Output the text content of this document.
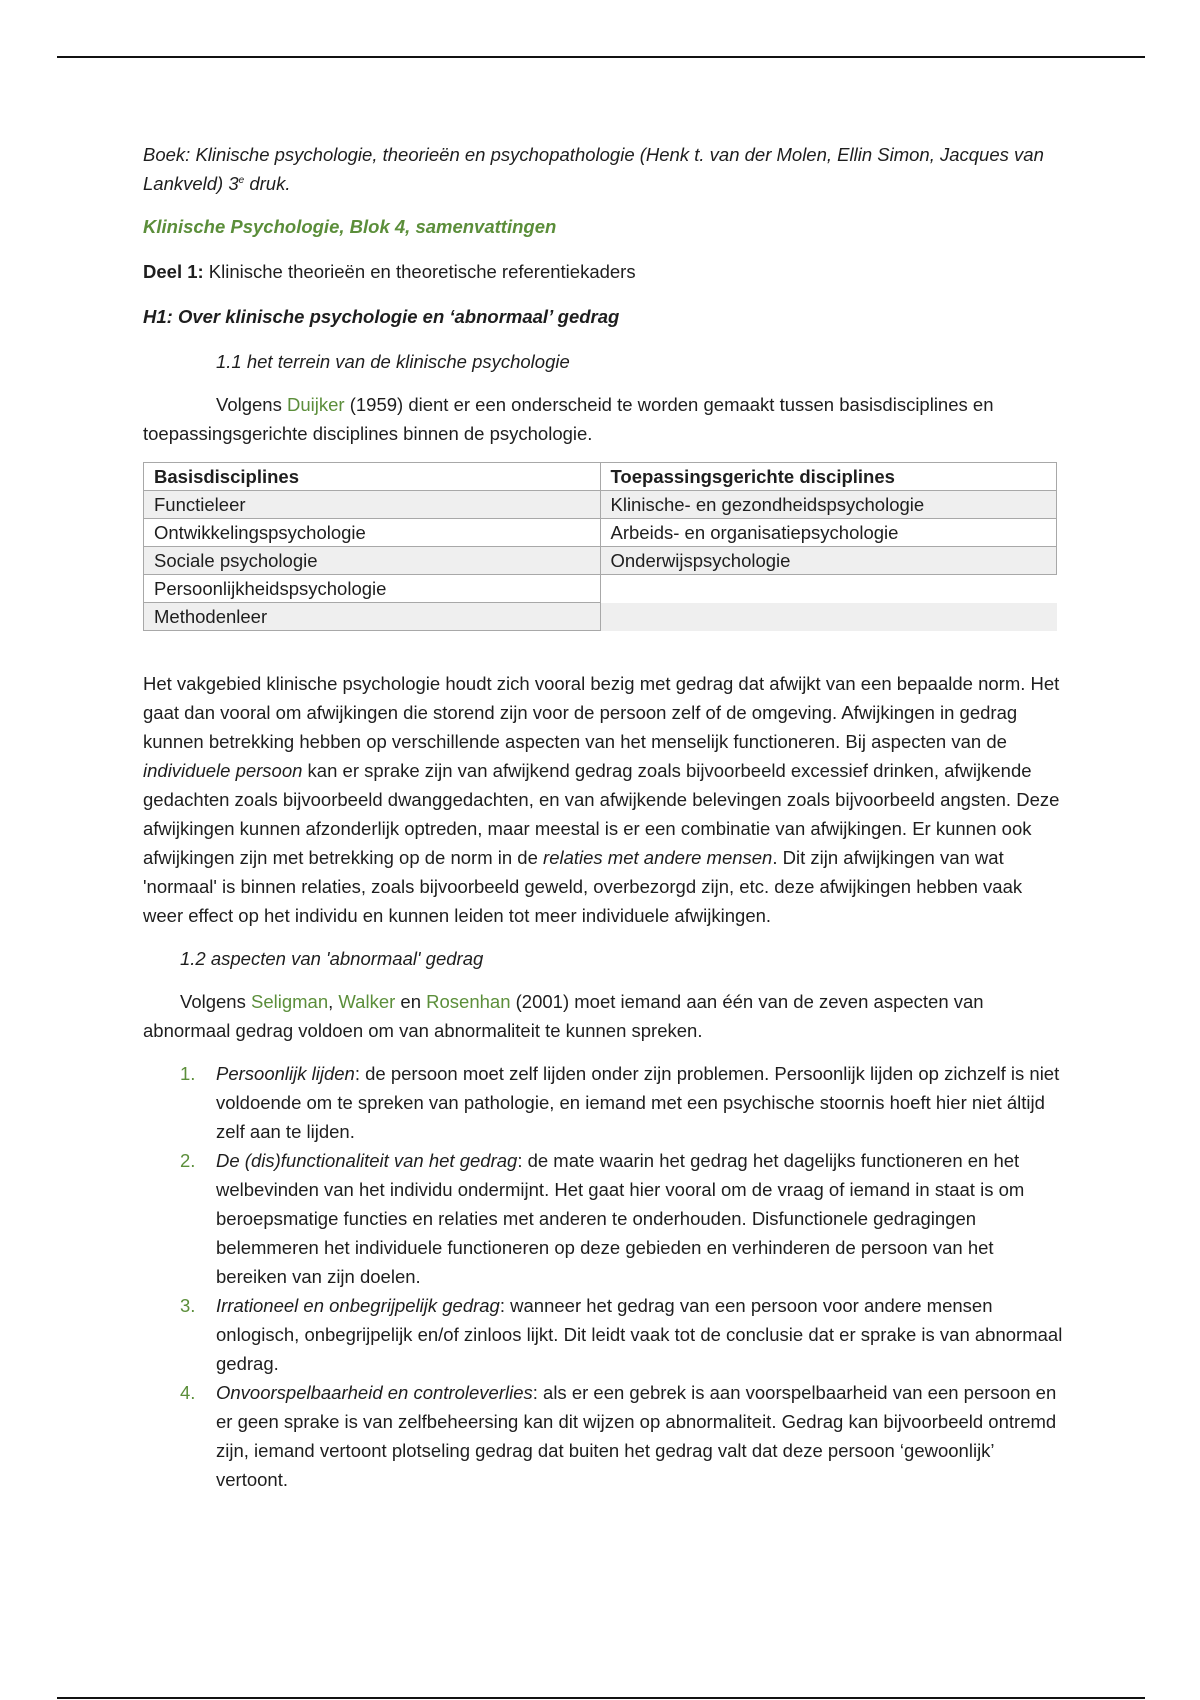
Boek: Klinische psychologie, theorieën en psychopathologie (Henk t. van der Molen, Ellin Simon, Jacques van Lankveld) 3e druk.

Klinische Psychologie, Blok 4, samenvattingen

Deel 1: Klinische theorieën en theoretische referentiekaders

H1: Over klinische psychologie en ‘abnormaal’ gedrag

1.1 het terrein van de klinische psychologie

Volgens Duijker (1959) dient er een onderscheid te worden gemaakt tussen basisdisciplines en toepassingsgerichte disciplines binnen de psychologie.

Basisdisciplines	Toepassingsgerichte disciplines
Functieleer	Klinische- en gezondheidspsychologie
Ontwikkelingspsychologie	Arbeids- en organisatiepsychologie
Sociale psychologie	Onderwijspsychologie
Persoonlijkheidspsychologie	
Methodenleer	

Het vakgebied klinische psychologie houdt zich vooral bezig met gedrag dat afwijkt van een bepaalde norm. Het gaat dan vooral om afwijkingen die storend zijn voor de persoon zelf of de omgeving. Afwijkingen in gedrag kunnen betrekking hebben op verschillende aspecten van het menselijk functioneren. Bij aspecten van de individuele persoon kan er sprake zijn van afwijkend gedrag zoals bijvoorbeeld excessief drinken, afwijkende gedachten zoals bijvoorbeeld dwanggedachten, en van afwijkende belevingen zoals bijvoorbeeld angsten. Deze afwijkingen kunnen afzonderlijk optreden, maar meestal is er een combinatie van afwijkingen. Er kunnen ook afwijkingen zijn met betrekking op de norm in de relaties met andere mensen. Dit zijn afwijkingen van wat 'normaal' is binnen relaties, zoals bijvoorbeeld geweld, overbezorgd zijn, etc. deze afwijkingen hebben vaak weer effect op het individu en kunnen leiden tot meer individuele afwijkingen.

1.2 aspecten van 'abnormaal' gedrag

Volgens Seligman, Walker en Rosenhan (2001) moet iemand aan één van de zeven aspecten van abnormaal gedrag voldoen om van abnormaliteit te kunnen spreken.

1. Persoonlijk lijden: de persoon moet zelf lijden onder zijn problemen. Persoonlijk lijden op zichzelf is niet voldoende om te spreken van pathologie, en iemand met een psychische stoornis hoeft hier niet áltijd zelf aan te lijden.
2. De (dis)functionaliteit van het gedrag: de mate waarin het gedrag het dagelijks functioneren en het welbevinden van het individu ondermijnt. Het gaat hier vooral om de vraag of iemand in staat is om beroepsmatige functies en relaties met anderen te onderhouden. Disfunctionele gedragingen belemmeren het individuele functioneren op deze gebieden en verhinderen de persoon van het bereiken van zijn doelen.
3. Irrationeel en onbegrijpelijk gedrag: wanneer het gedrag van een persoon voor andere mensen onlogisch, onbegrijpelijk en/of zinloos lijkt. Dit leidt vaak tot de conclusie dat er sprake is van abnormaal gedrag.
4. Onvoorspelbaarheid en controleverlies: als er een gebrek is aan voorspelbaarheid van een persoon en er geen sprake is van zelfbeheersing kan dit wijzen op abnormaliteit. Gedrag kan bijvoorbeeld ontremd zijn, iemand vertoont plotseling gedrag dat buiten het gedrag valt dat deze persoon ‘gewoonlijk’ vertoont.
